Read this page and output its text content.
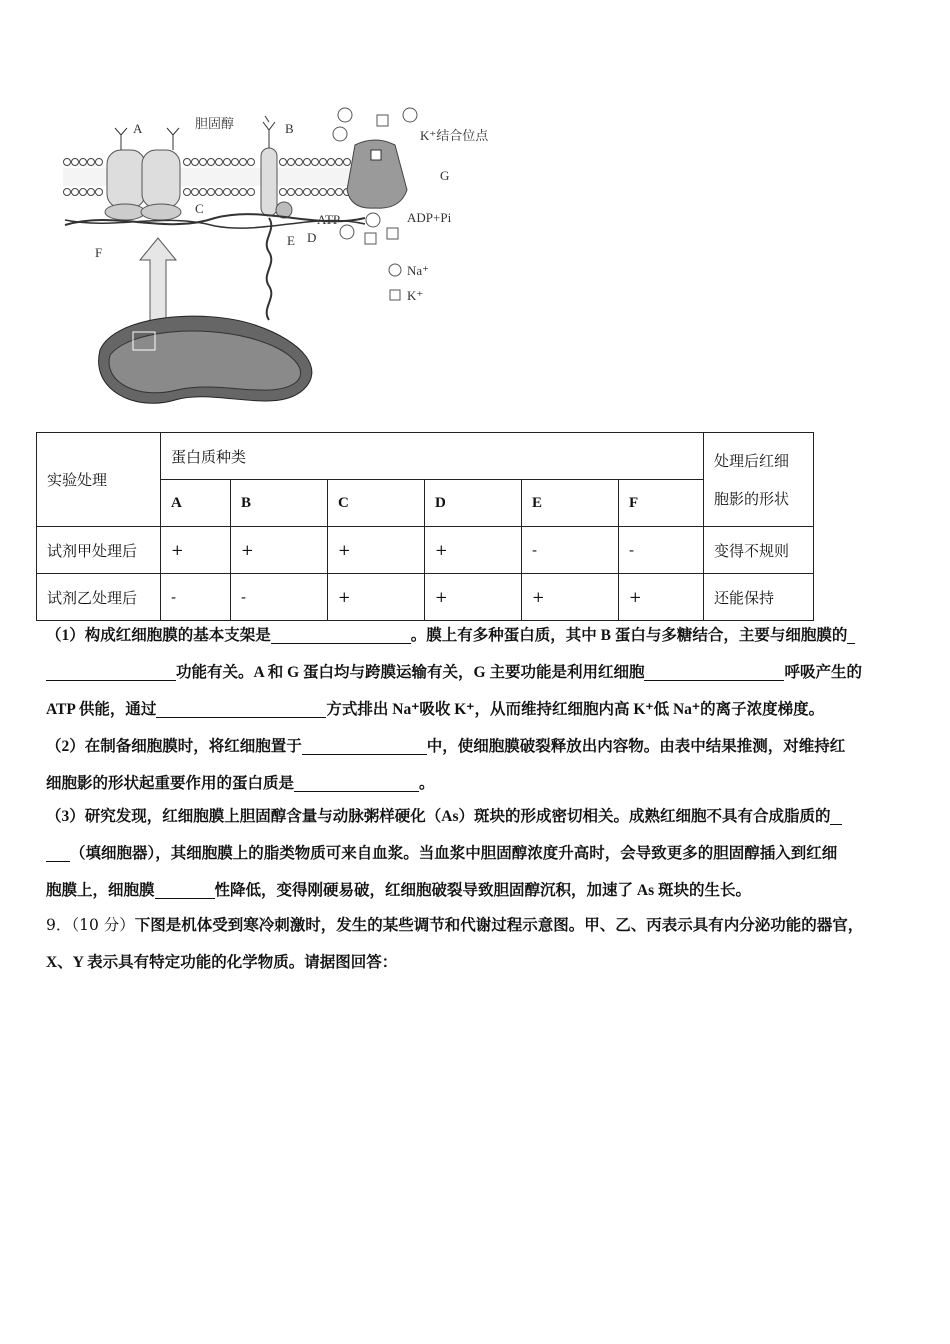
A	胆固醇	B
C
D
E
F
G
K⁺结合位点
ATP	ADP+Pi
Na⁺
K⁺
实验处理	蛋白质种类						处理后红细胞影的形状
	A	B	C	D	E	F	
试剂甲处理后	+	+	+	+	-	-	变得不规则
试剂乙处理后	-	-	+	+	+	+	还能保持
（1）构成红细胞膜的基本支架是	。膜上有多种蛋白质，其中 B 蛋白与多糖结合，主要与细胞膜的
功能有关。A 和 G 蛋白均与跨膜运输有关，G 主要功能是利用红细胞	呼吸产生的
ATP 供能，通过	方式排出 Na⁺吸收 K⁺，从而维持红细胞内高 K⁺低 Na⁺的离子浓度梯度。
（2）在制备细胞膜时，将红细胞置于	中，使细胞膜破裂释放出内容物。由表中结果推测，对维持红
细胞影的形状起重要作用的蛋白质是	。
（3）研究发现，红细胞膜上胆固醇含量与动脉粥样硬化（As）斑块的形成密切相关。成熟红细胞不具有合成脂质的
（填细胞器），其细胞膜上的脂类物质可来自血浆。当血浆中胆固醇浓度升高时，会导致更多的胆固醇插入到红细
胞膜上，细胞膜	性降低，变得刚硬易破，红细胞破裂导致胆固醇沉积，加速了 As 斑块的生长。
9．（10 分）下图是机体受到寒冷刺激时，发生的某些调节和代谢过程示意图。甲、乙、丙表示具有内分泌功能的器官，
X、Y 表示具有特定功能的化学物质。请据图回答：
